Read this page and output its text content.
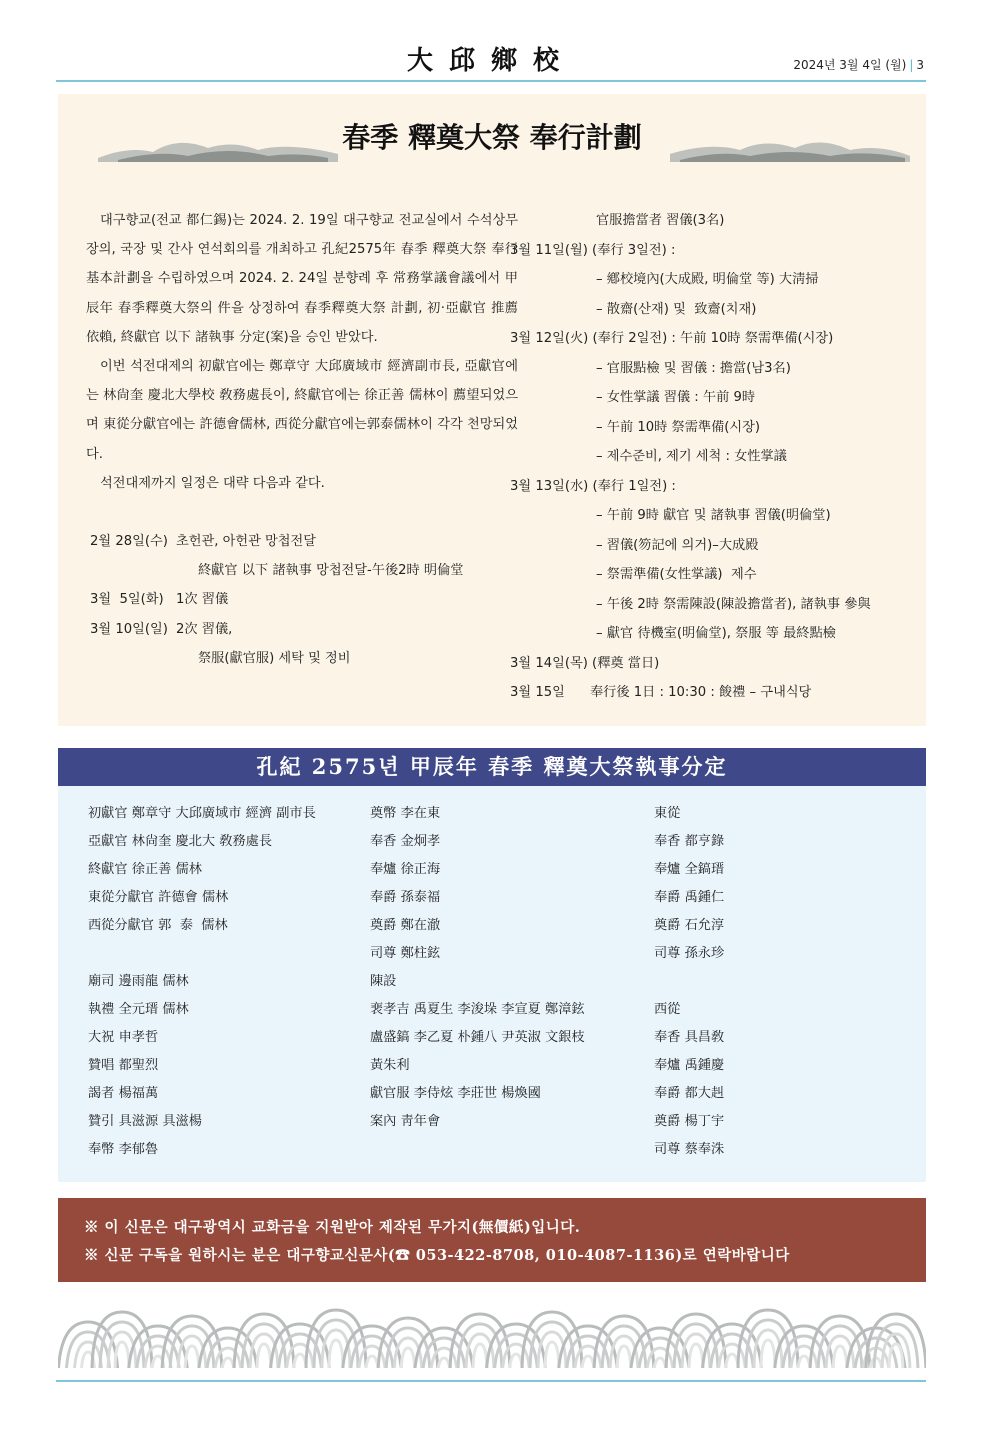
大邱鄉校	2024년 3월 4일 (월) | 3
春季 釋奠大祭 奉行計劃

대구향교(전교 都仁錫)는 2024. 2. 19일 대구향교 전교실에서 수석상무장의, 국장 및 간사 연석회의를 개최하고 孔紀2575年 春季 釋奠大祭 奉行 基本計劃을 수립하였으며 2024. 2. 24일 분향례 후 常務掌議會議에서 甲辰年 春季釋奠大祭의 件을 상정하여 春季釋奠大祭 計劃, 初·亞獻官 推薦 依賴, 終獻官 以下 諸執事 分定(案)을 승인 받았다.

이번 석전대제의 初獻官에는 鄭章守 大邱廣域市 經濟副市長, 亞獻官에는 林尙奎 慶北大學校 敎務處長이, 終獻官에는 徐正善 儒林이 薦望되었으며 東從分獻官에는 許德會儒林, 西從分獻官에는郭泰儒林이 각각 천망되었다.

석전대제까지 일정은 대략 다음과 같다.

2월 28일(수) 초헌관, 아헌관 망첩전달
終獻官 以下 諸執事 망첩전달-午後2時 明倫堂
3월  5일(화) 1次 習儀
3월 10일(일) 2次 習儀,
祭服(獻官服) 세탁 및 정비
官服擔當者 習儀(3名)
3월 11일(월) (奉行 3일전) :
– 鄕校境內(大成殿, 明倫堂 等) 大淸掃
– 散齋(산재) 및  致齋(치재)
3월 12일(火) (奉行 2일전) : 午前 10時 祭需準備(시장)
– 官服點檢 및 習儀 : 擔當(남3名)
– 女性掌議 習儀 : 午前 9時
– 午前 10時 祭需準備(시장)
– 제수준비, 제기 세척 : 女性掌議
3월 13일(水) (奉行 1일전) :
– 午前 9時 獻官 및 諸執事 習儀(明倫堂)
– 習儀(笏記에 의거)–大成殿
– 祭需準備(女性掌議)  제수
– 午後 2時 祭需陳設(陳設擔當者), 諸執事 參與
– 獻官 待機室(明倫堂), 祭服 等 最終點檢
3월 14일(목) (釋奠 當日)
3월 15일      奉行後 1日 : 10:30 : 餕禮 – 구내식당
孔紀 2575년 甲辰年 春季 釋奠大祭執事分定
初獻官 鄭章守 大邱廣域市 經濟 副市長
亞獻官 林尙奎 慶北大 敎務處長
終獻官 徐正善 儒林
東從分獻官 許德會 儒林
西從分獻官 郭  泰  儒林
廟司 邊雨龍 儒林
執禮 全元瑨 儒林
大祝 申孝哲
贊唱 都聖烈
謁者 楊福萬
贊引 具滋源 具滋楊
奉幣 李郁魯
奠幣 李在東
奉香 金炯孝
奉爐 徐正海
奉爵 孫泰福
奠爵 鄭在澈
司尊 鄭柱鉉
陳設
裵孝吉 禹夏生 李浚垛 李宣夏 鄭漳鉉
盧盛鎬 李乙夏 朴鍾八 尹英淑 文銀枝
黃朱利
獻官服 李侍炫 李莊世 楊煥國
案內 靑年會
東從
奉香 都亨錄
奉爐 全鎬瑨
奉爵 禹鍾仁
奠爵 石允淳
司尊 孫永珍
西從
奉香 具昌敎
奉爐 禹鍾慶
奉爵 都大赳
奠爵 楊丁宇
司尊 蔡奉洙
※ 이 신문은 대구광역시 교화금을 지원받아 제작된 무가지(無價紙)입니다.
※ 신문 구독을 원하시는 분은 대구향교신문사(☎ 053-422-8708, 010-4087-1136)로 연락바랍니다
